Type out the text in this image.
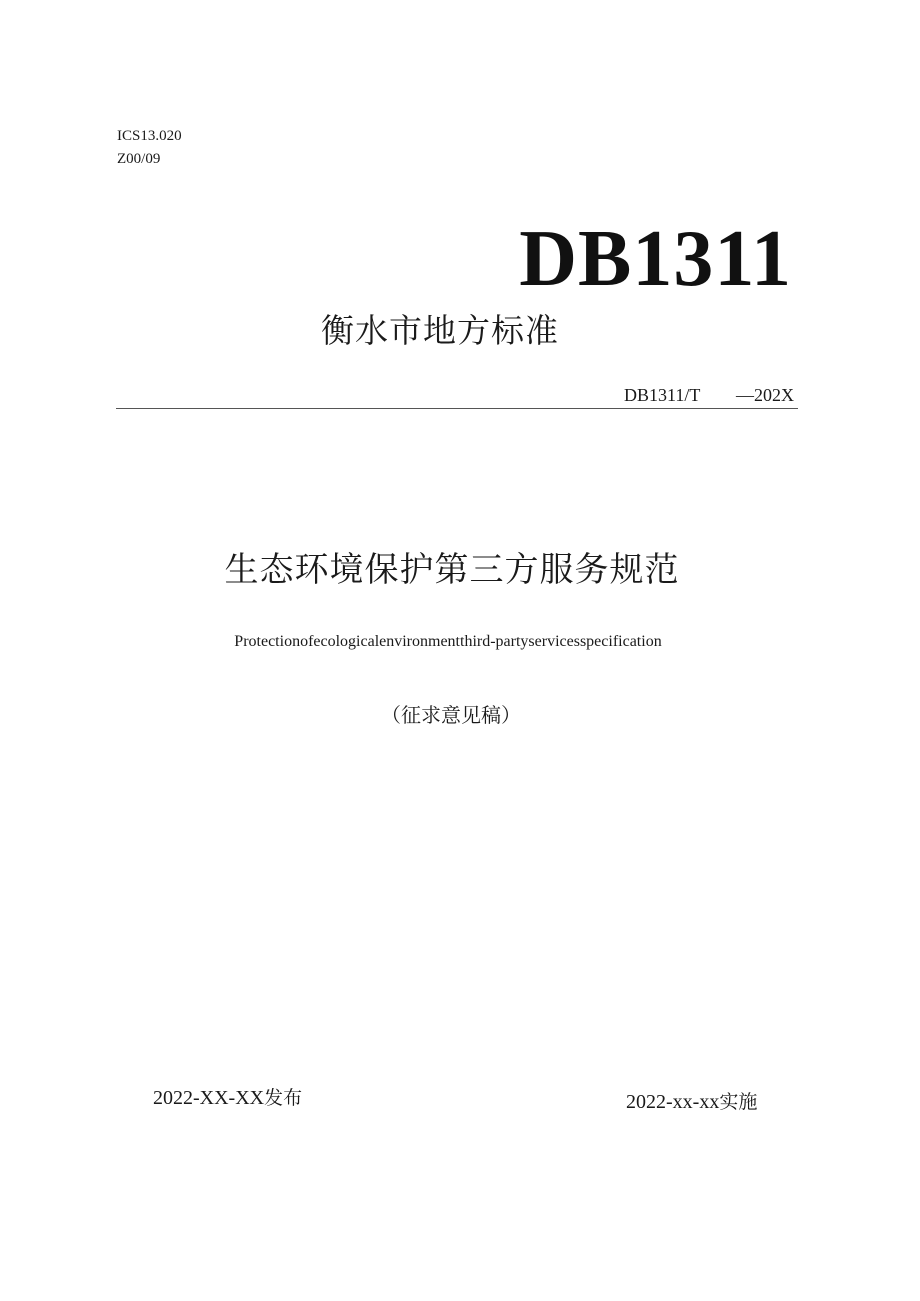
ICS13.020
Z00/09
DB1311
衡水市地方标准
DB1311/T —202X
生态环境保护第三方服务规范
Protectionofecologicalenvironmentthird-partyservicesspecification
（征求意见稿）
2022-XX-XX发布	2022-xx-xx实施
